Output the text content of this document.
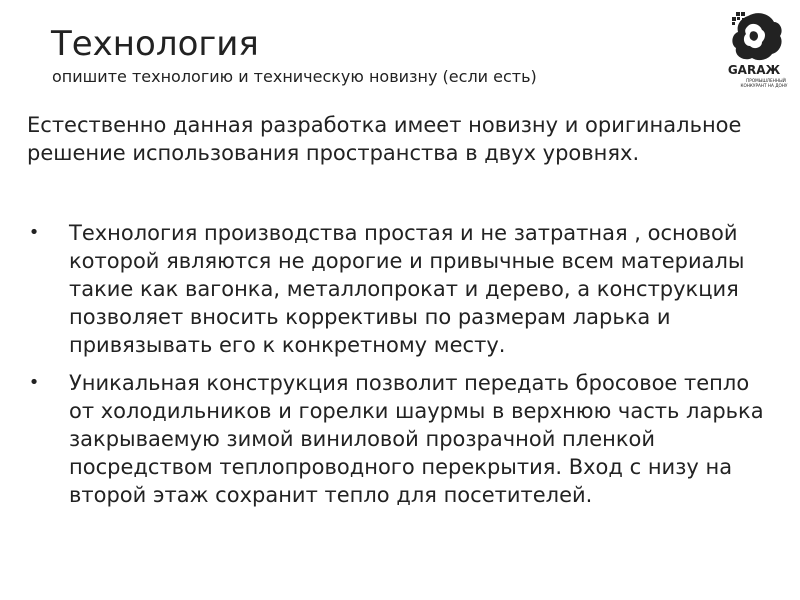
Технология
опишите технологию и техническую новизну (если есть)	GARAЖ
ПРОМЫШЛЕННЫЙ
КОНКУРАНТ НА ДОНУ

Естественно данная разработка имеет новизну и оригинальное решение использования пространства в двух уровнях.

• Технология производства простая и не затратная , основой которой являются не дорогие и привычные всем материалы такие как вагонка, металлопрокат и дерево, а конструкция позволяет вносить коррективы по размерам ларька и привязывать его к конкретному месту.
• Уникальная конструкция позволит передать бросовое тепло от холодильников и горелки шаурмы в верхнюю часть ларька закрываемую зимой виниловой прозрачной пленкой посредством теплопроводного перекрытия. Вход с низу на второй этаж сохранит тепло для посетителей.
